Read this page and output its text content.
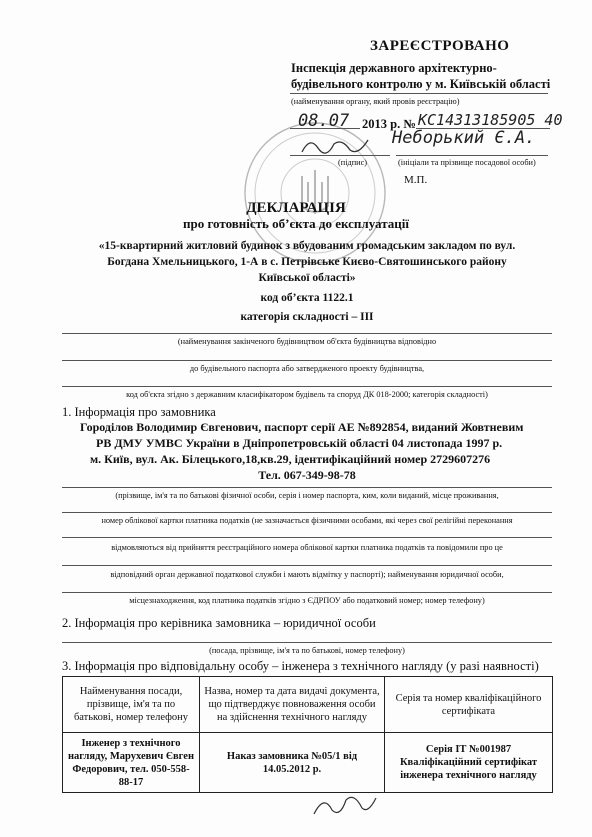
ЗАРЕЄСТРОВАНО
Інспекція державного архітектурно-
будівельного контролю у м. Київській області
(найменування органу, який провів реєстрацію)
08.07 2013 р. № КС14313185905 40
Неборький Є.А.
(підпис)	(ініціали та прізвище посадової особи)
М.П.
ДЕКЛАРАЦІЯ
про готовність об’єкта до експлуатації
«15-квартирний житловий будинок з вбудованим громадським закладом по вул.
Богдана Хмельницького, 1-А в с. Петрівське Києво-Святошинського району
Київської області»
код об’єкта 1122.1
категорія складності – ІІІ
(найменування закінченого будівництвом об'єкта будівництва відповідно
до будівельного паспорта або затвердженого проекту будівництва,
код об'єкта згідно з державним класифікатором будівель та споруд ДК 018-2000; категорія складності)
1. Інформація про замовника
Городілов Володимир Євгенович, паспорт серії АЕ №892854, виданий Жовтневим
РВ ДМУ УМВС України в Дніпропетровській області 04 листопада 1997 р.
м. Київ, вул. Ак. Білецького,18,кв.29, ідентифікаційний номер 2729607276
Тел. 067-349-98-78
(прізвище, ім'я та по батькові фізичної особи, серія і номер паспорта, ким, коли виданий, місце проживання,
номер облікової картки платника податків (не зазначається фізичними особами, які через свої релігійні переконання
відмовляються від прийняття реєстраційного номера облікової картки платника податків та повідомили про це
відповідний орган державної податкової служби і мають відмітку у паспорті); найменування юридичної особи,
місцезнаходження, код платника податків згідно з ЄДРПОУ або податковий номер; номер телефону)
2. Інформація про керівника замовника – юридичної особи
(посада, прізвище, ім'я та по батькові, номер телефону)
3. Інформація про відповідальну особу – інженера з технічного нагляду (у разі наявності)
Найменування посади, прізвище, ім'я та по батькові, номер телефону	Назва, номер та дата видачі документа, що підтверджує повноваження особи на здійснення технічного нагляду	Серія та номер кваліфікаційного сертифіката
Інженер з технічного нагляду, Марухевич Євген Федорович, тел. 050-558-88-17	Наказ замовника №05/1 від 14.05.2012 р.	Серія ІТ №001987
Кваліфікаційний сертифікат інженера технічного нагляду
